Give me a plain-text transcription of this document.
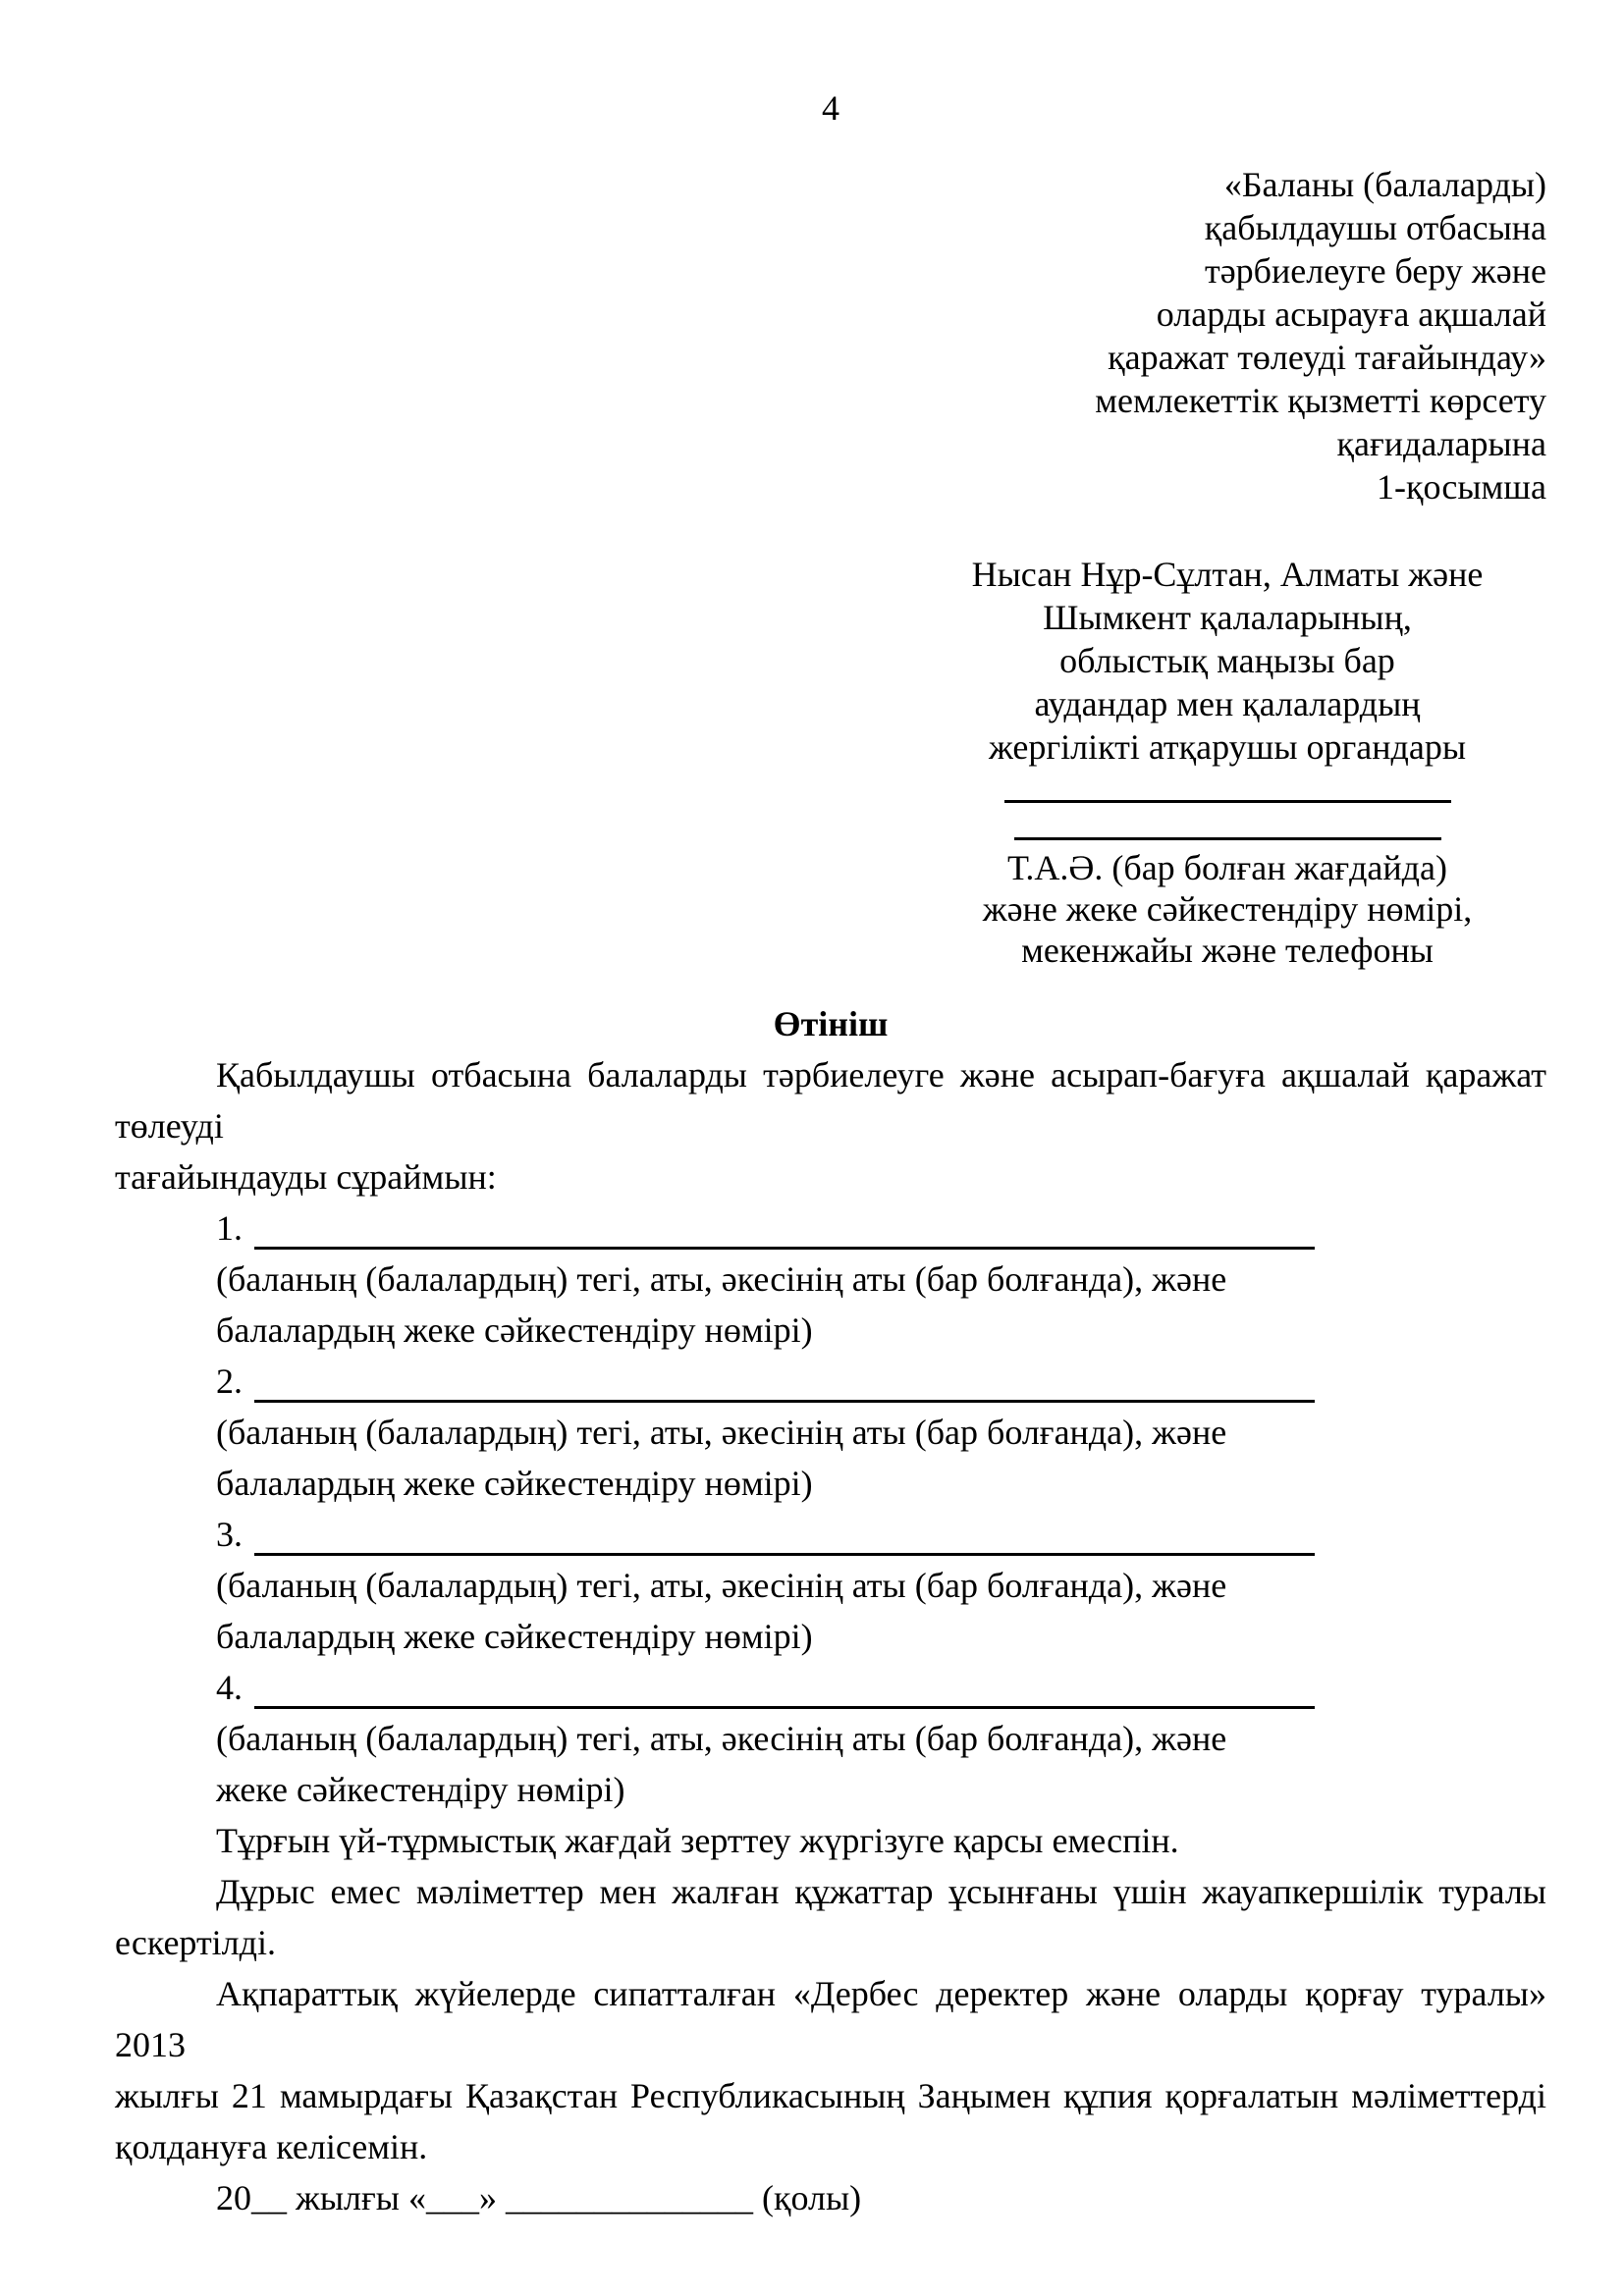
4
«Баланы (балаларды)
қабылдаушы отбасына
тәрбиелеуге беру және
оларды асырауға ақшалай
қаражат төлеуді тағайындау»
мемлекеттік қызметті көрсету
қағидаларына
1-қосымша
Нысан Нұр-Сұлтан, Алматы және
Шымкент қалаларының,
облыстық маңызы бар
аудандар мен қалалардың
жергілікті атқарушы органдары
Т.А.Ә. (бар болған жағдайда)
және жеке сәйкестендіру нөмірі,
мекенжайы және телефоны
Өтініш
Қабылдаушы отбасына балаларды тәрбиелеуге және асырап-бағуға ақшалай қаражат төлеуді
тағайындауды сұраймын:
1.
(баланың (балалардың) тегі, аты, әкесінің аты (бар болғанда), және
балалардың жеке сәйкестендіру нөмірі)
2.
(баланың (балалардың) тегі, аты, әкесінің аты (бар болғанда), және
балалардың жеке сәйкестендіру нөмірі)
3.
(баланың (балалардың) тегі, аты, әкесінің аты (бар болғанда), және
балалардың жеке сәйкестендіру нөмірі)
4.
(баланың (балалардың) тегі, аты, әкесінің аты (бар болғанда), және
жеке сәйкестендіру нөмірі)
Тұрғын үй-тұрмыстық жағдай зерттеу жүргізуге қарсы емеспін.
Дұрыс емес мәліметтер мен жалған құжаттар ұсынғаны үшін жауапкершілік туралы
ескертілді.
Ақпараттық жүйелерде сипатталған «Дербес деректер және оларды қорғау туралы» 2013
жылғы 21 мамырдағы Қазақстан Республикасының Заңымен құпия қорғалатын мәліметтерді
қолдануға келісемін.
20__ жылғы «___» ______________ (қолы)
